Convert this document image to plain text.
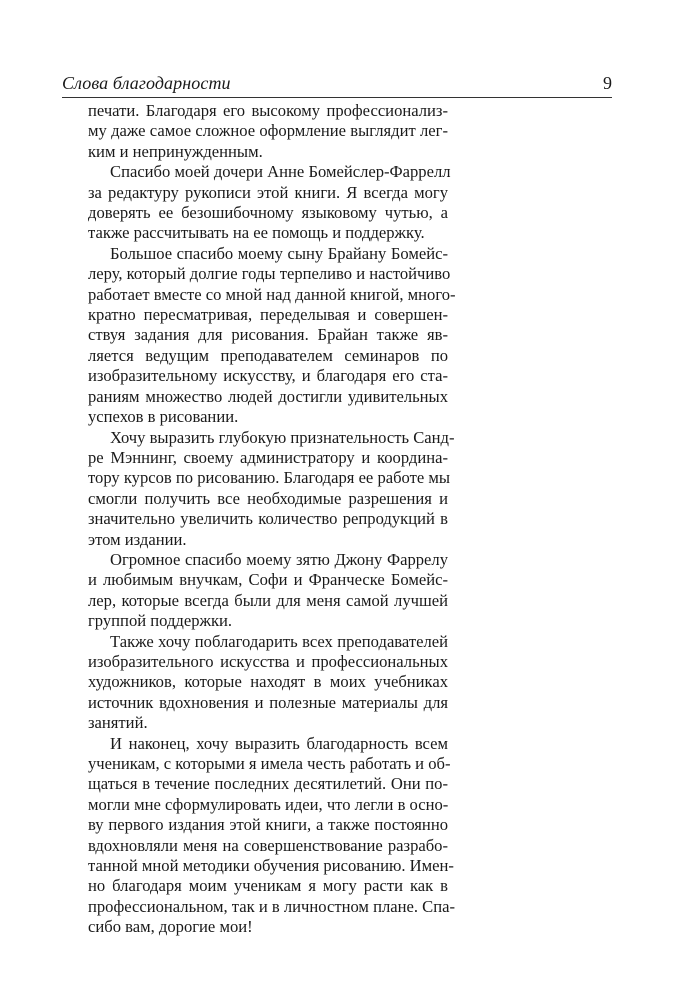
Слова благодарности	9

печати. Благодаря его высокому профессионализ-
му даже самое сложное оформление выглядит лег-
ким и непринужденным.

Спасибо моей дочери Анне Бомейслер-Фаррелл
за редактуру рукописи этой книги. Я всегда могу
доверять ее безошибочному языковому чутью, а
также рассчитывать на ее помощь и поддержку.

Большое спасибо моему сыну Брайану Бомейс-
леру, который долгие годы терпеливо и настойчиво
работает вместе со мной над данной книгой, много-
кратно пересматривая, переделывая и совершен-
ствуя задания для рисования. Брайан также яв-
ляется ведущим преподавателем семинаров по
изобразительному искусству, и благодаря его ста-
раниям множество людей достигли удивительных
успехов в рисовании.

Хочу выразить глубокую признательность Санд-
ре Мэннинг, своему администратору и координа-
тору курсов по рисованию. Благодаря ее работе мы
смогли получить все необходимые разрешения и
значительно увеличить количество репродукций в
этом издании.

Огромное спасибо моему зятю Джону Фаррелу
и любимым внучкам, Софи и Франческе Бомейс-
лер, которые всегда были для меня самой лучшей
группой поддержки.

Также хочу поблагодарить всех преподавателей
изобразительного искусства и профессиональных
художников, которые находят в моих учебниках
источник вдохновения и полезные материалы для
занятий.

И наконец, хочу выразить благодарность всем
ученикам, с которыми я имела честь работать и об-
щаться в течение последних десятилетий. Они по-
могли мне сформулировать идеи, что легли в осно-
ву первого издания этой книги, а также постоянно
вдохновляли меня на совершенствование разрабо-
танной мной методики обучения рисованию. Имен-
но благодаря моим ученикам я могу расти как в
профессиональном, так и в личностном плане. Спа-
сибо вам, дорогие мои!
